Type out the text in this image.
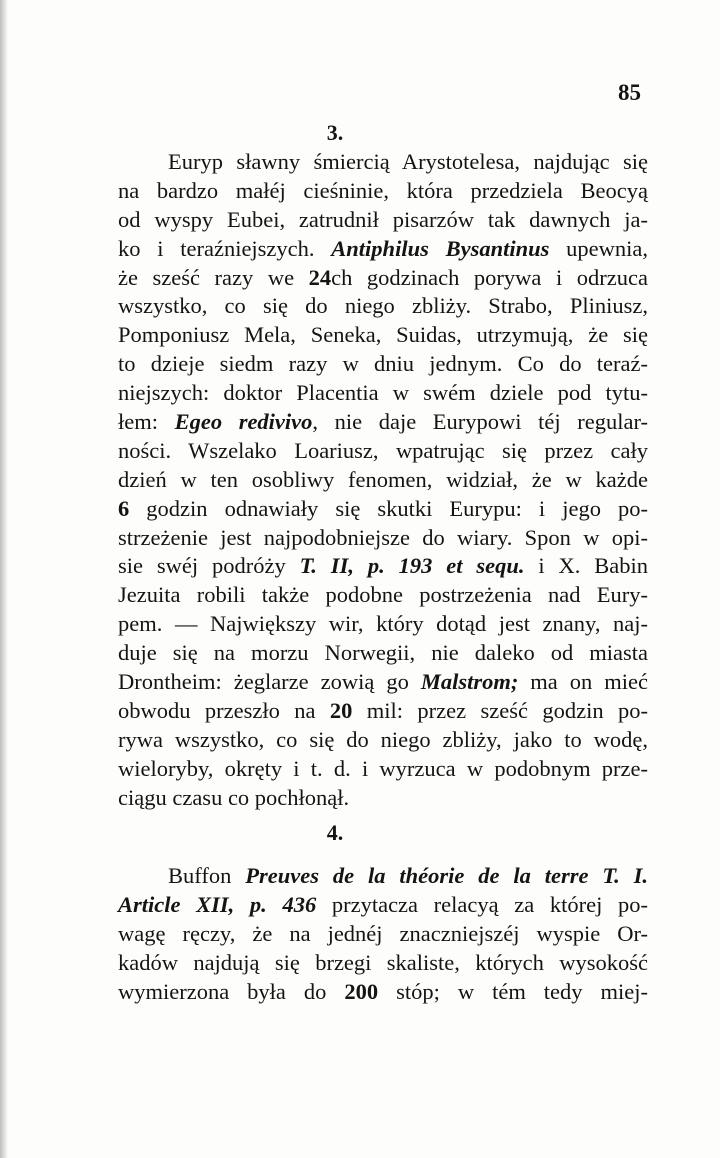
85
3.
Euryp sławny śmiercią Arystotelesa, najdując się
na bardzo małéj cieśninie, która przedziela Beocyą
od wyspy Eubei, zatrudnił pisarzów tak dawnych ja-
ko i teraźniejszych. Antiphilus Bysantinus upewnia,
że sześć razy we 24ch godzinach porywa i odrzuca
wszystko, co się do niego zbliży. Strabo, Pliniusz,
Pomponiusz Mela, Seneka, Suidas, utrzymują, że się
to dzieje siedm razy w dniu jednym. Co do teraź-
niejszych: doktor Placentia w swém dziele pod tytu-
łem: Egeo redivivo, nie daje Eurypowi téj regular-
ności. Wszelako Loariusz, wpatrując się przez cały
dzień w ten osobliwy fenomen, widział, że w każde
6 godzin odnawiały się skutki Eurypu: i jego po-
strzeżenie jest najpodobniejsze do wiary. Spon w opi-
sie swéj podróży T. II, p. 193 et sequ. i X. Babin
Jezuita robili także podobne postrzeżenia nad Eury-
pem. — Największy wir, który dotąd jest znany, naj-
duje się na morzu Norwegii, nie daleko od miasta
Drontheim: żeglarze zowią go Malstrom; ma on mieć
obwodu przeszło na 20 mil: przez sześć godzin po-
rywa wszystko, co się do niego zbliży, jako to wodę,
wieloryby, okręty i t. d. i wyrzuca w podobnym prze-
ciągu czasu co pochłonął.
4.
Buffon Preuves de la théorie de la terre T. I.
Article XII, p. 436 przytacza relacyą za której po-
wagę ręczy, że na jednéj znaczniejszéj wyspie Or-
kadów najdują się brzegi skaliste, których wysokość
wymierzona była do 200 stóp; w tém tedy miej-
